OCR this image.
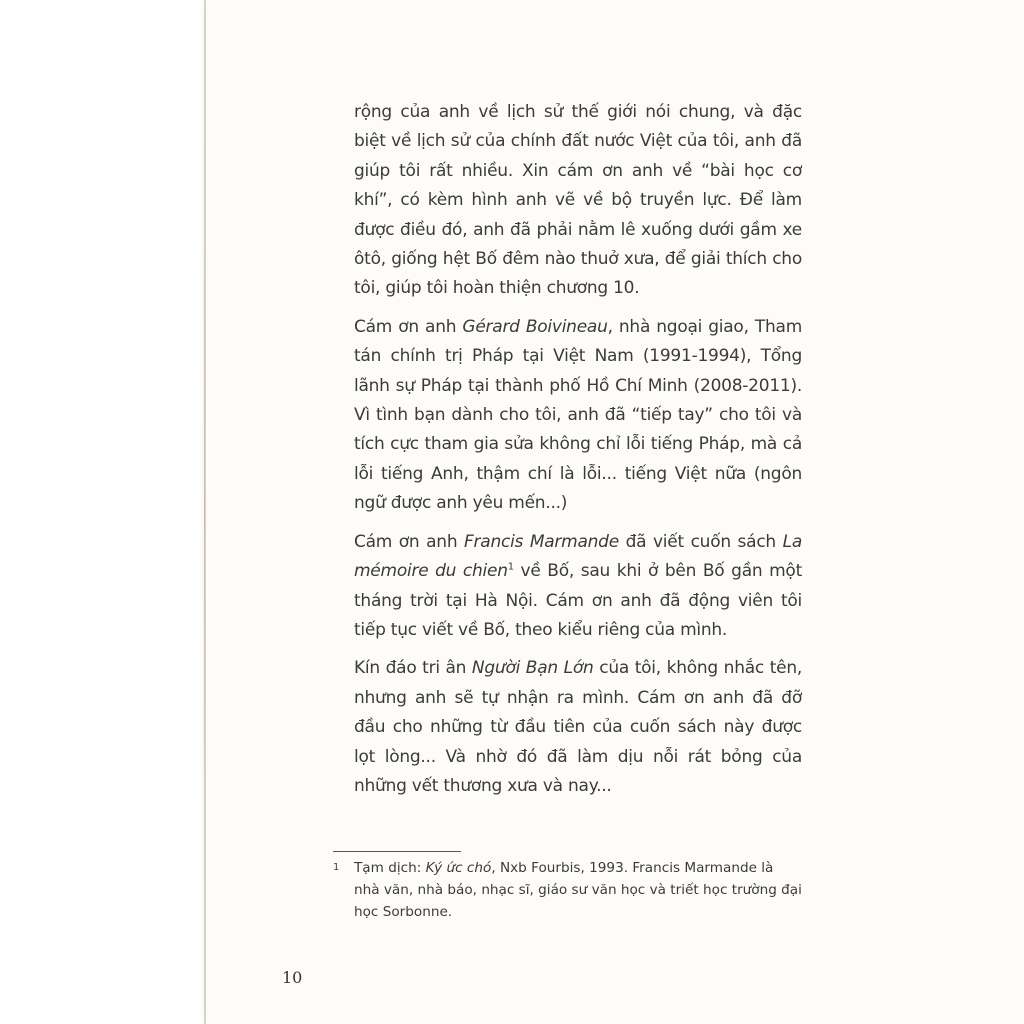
rộng của anh về lịch sử thế giới nói chung, và đặc biệt về lịch sử của chính đất nước Việt của tôi, anh đã giúp tôi rất nhiều. Xin cám ơn anh về “bài học cơ khí”, có kèm hình anh vẽ về bộ truyền lực. Để làm được điều đó, anh đã phải nằm lê xuống dưới gầm xe ôtô, giống hệt Bố đêm nào thuở xưa, để giải thích cho tôi, giúp tôi hoàn thiện chương 10.

Cám ơn anh Gérard Boivineau, nhà ngoại giao, Tham tán chính trị Pháp tại Việt Nam (1991-1994), Tổng lãnh sự Pháp tại thành phố Hồ Chí Minh (2008-2011). Vì tình bạn dành cho tôi, anh đã “tiếp tay” cho tôi và tích cực tham gia sửa không chỉ lỗi tiếng Pháp, mà cả lỗi tiếng Anh, thậm chí là lỗi... tiếng Việt nữa (ngôn ngữ được anh yêu mến...)

Cám ơn anh Francis Marmande đã viết cuốn sách La mémoire du chien$^1$ về Bố, sau khi ở bên Bố gần một tháng trời tại Hà Nội. Cám ơn anh đã động viên tôi tiếp tục viết về Bố, theo kiểu riêng của mình.

Kín đáo tri ân Người Bạn Lớn của tôi, không nhắc tên, nhưng anh sẽ tự nhận ra mình. Cám ơn anh đã đỡ đầu cho những từ đầu tiên của cuốn sách này được lọt lòng... Và nhờ đó đã làm dịu nỗi rát bỏng của những vết thương xưa và nay...

1 Tạm dịch: Ký ức chó, Nxb Fourbis, 1993. Francis Marmande là nhà văn, nhà báo, nhạc sĩ, giáo sư văn học và triết học trường đại học Sorbonne.
10
